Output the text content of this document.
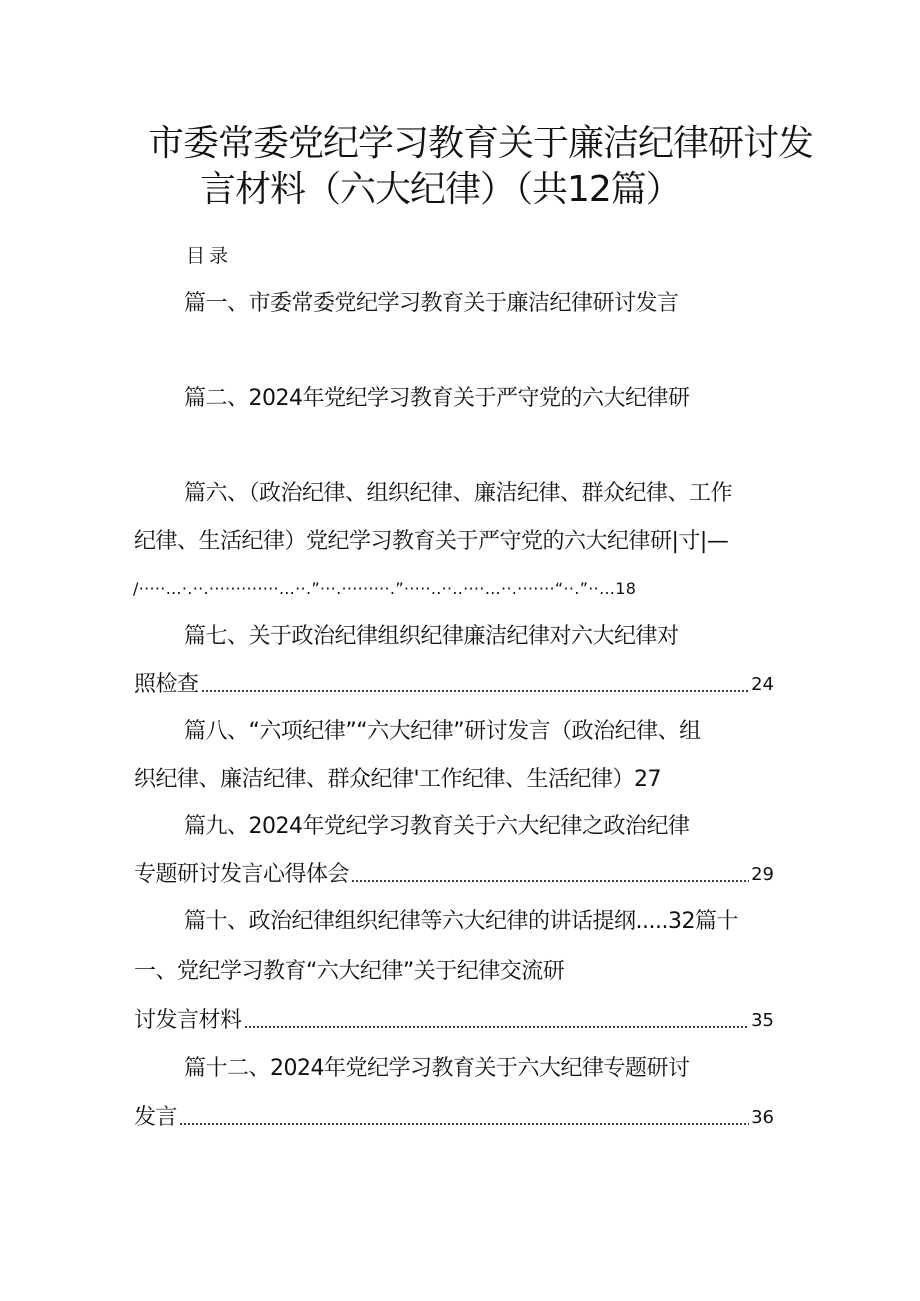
市委常委党纪学习教育关于廉洁纪律研讨发
言材料（六大纪律）（共12篇）
目录
篇一、市委常委党纪学习教育关于廉洁纪律研讨发言
篇二、2024年党纪学习教育关于严守党的六大纪律研
篇六、（政治纪律、组织纪律、廉洁纪律、群众纪律、工作
纪律、生活纪律）党纪学习教育关于严守党的六大纪律研|寸|—
/·····…·.··.·············…··.”···.·········.”·····..··..····…··.·······“··.”··…18
篇七、关于政治纪律组织纪律廉洁纪律对六大纪律对
照检查	24
篇八、“六项纪律”“六大纪律”研讨发言（政治纪律、组
织纪律、廉洁纪律、群众纪律'工作纪律、生活纪律）27
篇九、2024年党纪学习教育关于六大纪律之政治纪律
专题研讨发言心得体会	29
篇十、政治纪律组织纪律等六大纪律的讲话提纲.....32篇十
一、党纪学习教育“六大纪律”关于纪律交流研
讨发言材料	35
篇十二、2024年党纪学习教育关于六大纪律专题研讨
发言	36
